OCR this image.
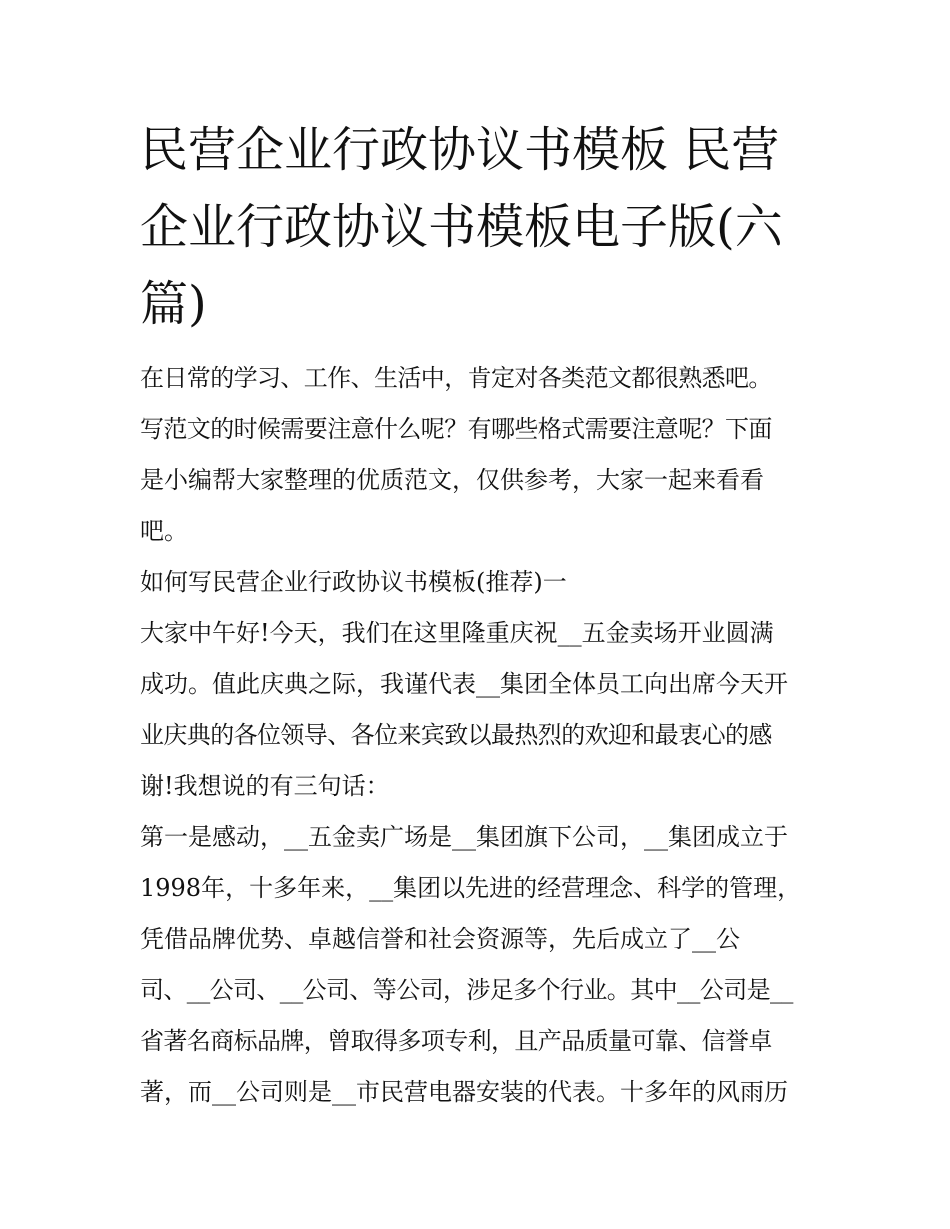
民营企业行政协议书模板 民营
企业行政协议书模板电子版(六
篇)
在日常的学习、工作、生活中，肯定对各类范文都很熟悉吧。
写范文的时候需要注意什么呢？有哪些格式需要注意呢？下面
是小编帮大家整理的优质范文，仅供参考，大家一起来看看
吧。
如何写民营企业行政协议书模板(推荐)一
大家中午好!今天，我们在这里隆重庆祝__五金卖场开业圆满
成功。值此庆典之际，我谨代表__集团全体员工向出席今天开
业庆典的各位领导、各位来宾致以最热烈的欢迎和最衷心的感
谢!我想说的有三句话：
第一是感动，__五金卖广场是__集团旗下公司，__集团成立于
1998年，十多年来，__集团以先进的经营理念、科学的管理，
凭借品牌优势、卓越信誉和社会资源等，先后成立了__公
司、__公司、__公司、等公司，涉足多个行业。其中__公司是__
省著名商标品牌，曾取得多项专利，且产品质量可靠、信誉卓
著，而__公司则是__市民营电器安装的代表。十多年的风雨历
